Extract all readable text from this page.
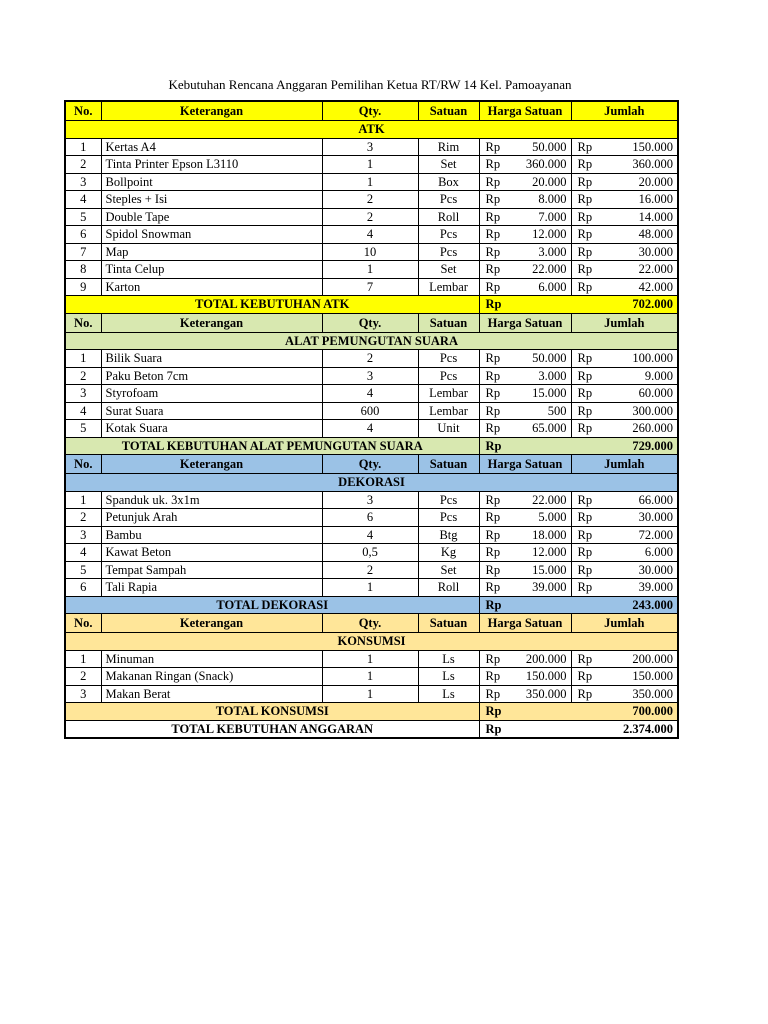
Kebutuhan Rencana Anggaran Pemilihan Ketua RT/RW 14 Kel. Pamoayanan
No.	Keterangan	Qty.	Satuan	Harga Satuan		Jumlah	
ATK							
1	Kertas A4	3	Rim	Rp	50.000	Rp	150.000
2	Tinta Printer Epson L3110	1	Set	Rp	360.000	Rp	360.000
3	Bollpoint	1	Box	Rp	20.000	Rp	20.000
4	Steples + Isi	2	Pcs	Rp	8.000	Rp	16.000
5	Double Tape	2	Roll	Rp	7.000	Rp	14.000
6	Spidol Snowman	4	Pcs	Rp	12.000	Rp	48.000
7	Map	10	Pcs	Rp	3.000	Rp	30.000
8	Tinta Celup	1	Set	Rp	22.000	Rp	22.000
9	Karton	7	Lembar	Rp	6.000	Rp	42.000
TOTAL KEBUTUHAN ATK				Rp		702.000	
No.	Keterangan	Qty.	Satuan	Harga Satuan		Jumlah	
ALAT PEMUNGUTAN SUARA							
1	Bilik Suara	2	Pcs	Rp	50.000	Rp	100.000
2	Paku Beton 7cm	3	Pcs	Rp	3.000	Rp	9.000
3	Styrofoam	4	Lembar	Rp	15.000	Rp	60.000
4	Surat Suara	600	Lembar	Rp	500	Rp	300.000
5	Kotak Suara	4	Unit	Rp	65.000	Rp	260.000
TOTAL KEBUTUHAN ALAT PEMUNGUTAN SUARA				Rp		729.000	
No.	Keterangan	Qty.	Satuan	Harga Satuan		Jumlah	
DEKORASI							
1	Spanduk uk. 3x1m	3	Pcs	Rp	22.000	Rp	66.000
2	Petunjuk Arah	6	Pcs	Rp	5.000	Rp	30.000
3	Bambu	4	Btg	Rp	18.000	Rp	72.000
4	Kawat Beton	0,5	Kg	Rp	12.000	Rp	6.000
5	Tempat Sampah	2	Set	Rp	15.000	Rp	30.000
6	Tali Rapia	1	Roll	Rp	39.000	Rp	39.000
TOTAL DEKORASI				Rp		243.000	
No.	Keterangan	Qty.	Satuan	Harga Satuan		Jumlah	
KONSUMSI							
1	Minuman	1	Ls	Rp	200.000	Rp	200.000
2	Makanan Ringan (Snack)	1	Ls	Rp	150.000	Rp	150.000
3	Makan Berat	1	Ls	Rp	350.000	Rp	350.000
TOTAL KONSUMSI				Rp		700.000	
TOTAL KEBUTUHAN ANGGARAN				Rp		2.374.000	
